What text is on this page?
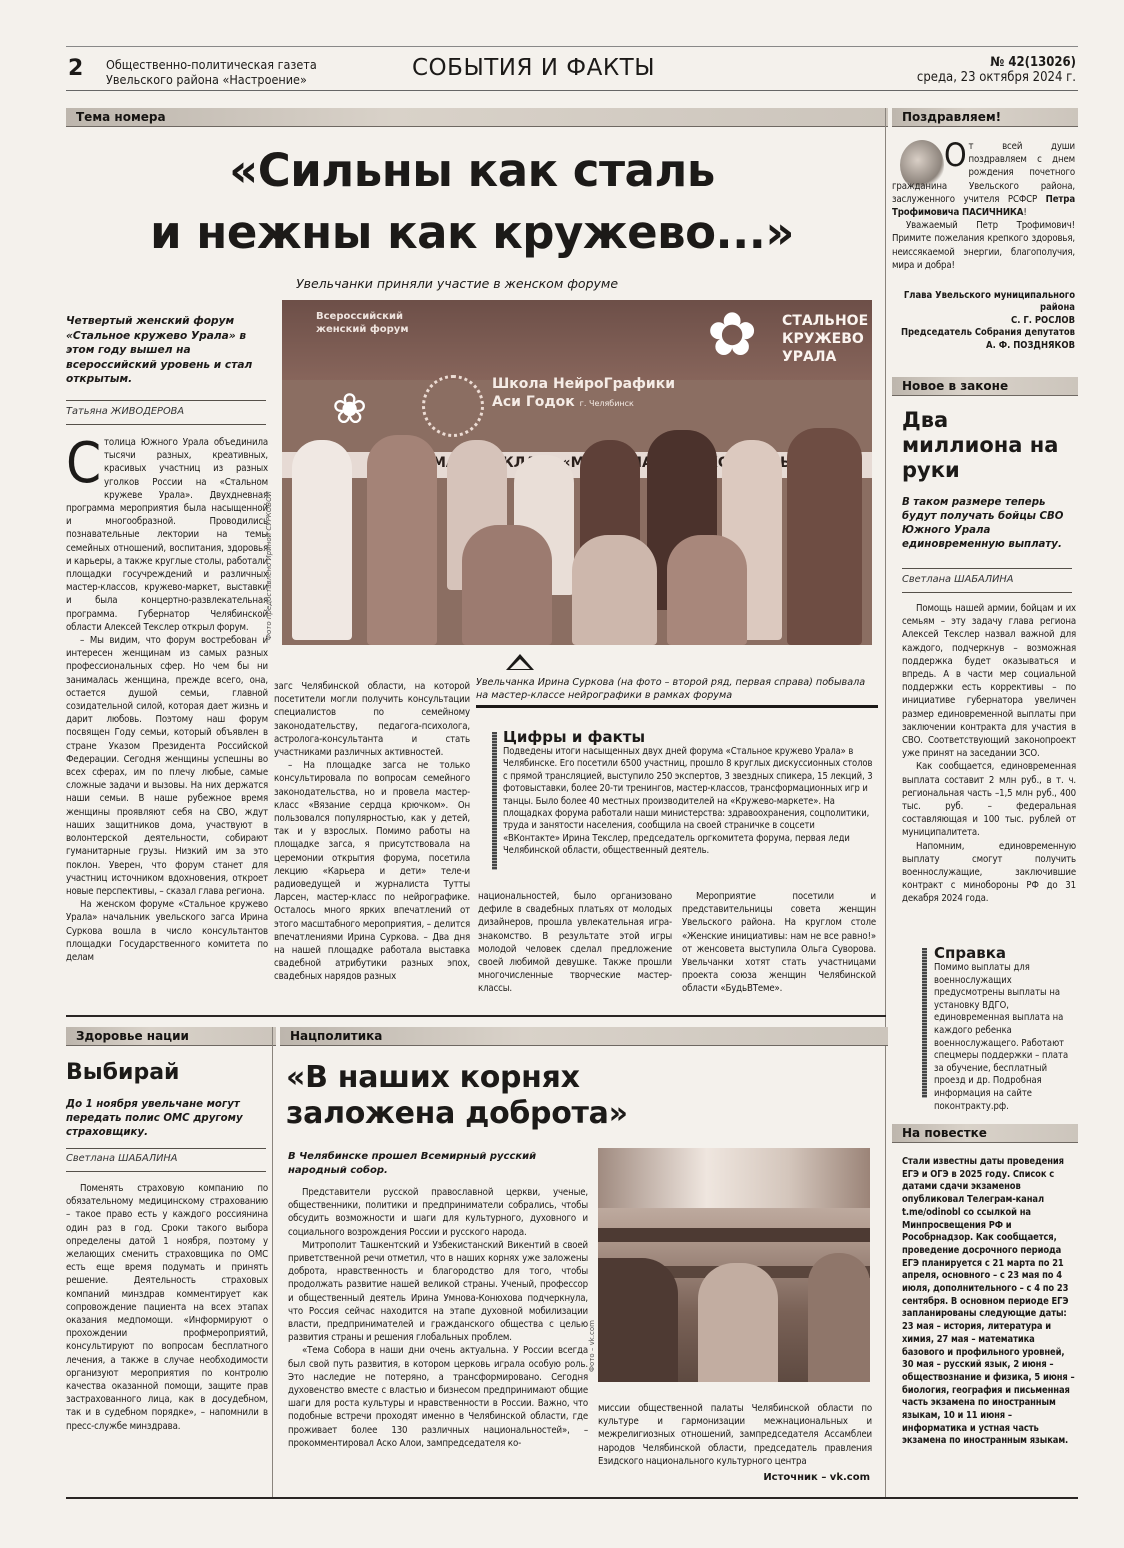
2 Общественно-политическая газета
Увельского района «Настроение»	СОБЫТИЯ И ФАКТЫ	№ 42(13026)
среда, 23 октября 2024 г.
Тема номера	Поздравляем!
«Сильны как сталь
и нежны как кружево...»
Увельчанки приняли участие в женском форуме
Четвертый женский форум «Стальное кружево Урала» в этом году вышел на всероссийский уровень и стал открытым.
Татьяна ЖИВОДЕРОВА
С толица Южного Урала объединила тысячи разных, креативных, красивых участниц из разных уголков России на «Стальном кружеве Урала». Двухдневная программа мероприятия была насыщенной и многообразной. Проводились познавательные лектории на темы семейных отношений, воспитания, здоровья и карьеры, а также круглые столы, работали площадки госучреждений и различных мастер-классов, кружево-маркет, выставки и была концертно-развлекательная программа. Губернатор Челябинской области Алексей Текслер открыл форум.

– Мы видим, что форум востребован и интересен женщинам из самых разных профессиональных сфер. Но чем бы ни занималась женщина, прежде всего, она, остается душой семьи, главной созидательной силой, которая дает жизнь и дарит любовь. Поэтому наш форум посвящен Году семьи, который объявлен в стране Указом Президента Российской Федерации. Сегодня женщины успешны во всех сферах, им по плечу любые, самые сложные задачи и вызовы. На них держатся наши семьи. В наше рубежное время женщины проявляют себя на СВО, ждут наших защитников дома, участвуют в волонтерской деятельности, собирают гуманитарные грузы. Низкий им за это поклон. Уверен, что форум станет для участниц источником вдохновения, откроет новые перспективы, – сказал глава региона.

На женском форуме «Стальное кружево Урала» начальник увельского загса Ирина Суркова вошла в число консультантов площадки Государственного комитета по делам

Всероссийский женский форум
Школа НейроГрафики
Аси Годок г. Челябинск
СТАЛЬНОЕ КРУЖЕВО УРАЛА
✿
❀
Фото предоставлено Ириной СУРКОВОЙ
Увельчанка Ирина Суркова (на фото – второй ряд, первая справа) побывала на мастер-классе нейрографики в рамках форума
загс Челябинской области, на которой посетители могли получить консультации специалистов по семейному законодательству, педагога-психолога, астролога-консультанта и стать участниками различных активностей.

– На площадке загса не только консультировала по вопросам семейного законодательства, но и провела мастер-класс «Вязание сердца крючком». Он пользовался популярностью, как у детей, так и у взрослых. Помимо работы на площадке загса, я присутствовала на церемонии открытия форума, посетила лекцию «Карьера и дети» теле-и радиоведущей и журналиста Тутты Ларсен, мастер-класс по нейрографике. Осталось много ярких впечатлений от этого масштабного мероприятия, – делится впечатлениями Ирина Суркова. – Два дня на нашей площадке работала выставка свадебной атрибутики разных эпох, свадебных нарядов разных

Цифры и факты
Подведены итоги насыщенных двух дней форума «Стальное кружево Урала» в Челябинске. Его посетили 6500 участниц, прошло 8 круглых дискуссионных столов с прямой трансляцией, выступило 250 экспертов, 3 звездных спикера, 15 лекций, 3 фотовыставки, более 20-ти тренингов, мастер-классов, трансформационных игр и танцы. Было более 40 местных производителей на «Кружево-маркете». На площадках форума работали наши министерства: здравоохранения, соцполитики, труда и занятости населения, сообщила на своей страничке в соцсети «ВКонтакте» Ирина Текслер, председатель оргкомитета форума, первая леди Челябинской области, общественный деятель.
национальностей, было организовано дефиле в свадебных платьях от молодых дизайнеров, прошла увлекательная игра-знакомство. В результате этой игры молодой человек сделал предложение своей любимой девушке. Также прошли многочисленные творческие мастер-классы.

Мероприятие посетили и представительницы совета женщин Увельского района. На круглом столе «Женские инициативы: нам не все равно!» от женсовета выступила Ольга Суворова. Увельчанки хотят стать участницами проекта союза женщин Челябинской области «БудьВТеме».

О т всей души поздравляем с днем рождения почетного гражданина Увельского района, заслуженного учителя РСФСР Петра Трофимовича ПАСИЧНИКА!

Уважаемый Петр Трофимович! Примите пожелания крепкого здоровья, неиссякаемой энергии, благополучия, мира и добра!

Глава Увельского муниципального района
С. Г. РОСЛОВ
Председатель Собрания депутатов А. Ф. ПОЗДНЯКОВ
Новое в законе
Два миллиона на руки
В таком размере теперь будут получать бойцы СВО Южного Урала единовременную выплату.
Светлана ШАБАЛИНА

Помощь нашей армии, бойцам и их семьям – эту задачу глава региона Алексей Текслер назвал важной для каждого, подчеркнув – возможная поддержка будет оказываться и впредь. А в части мер социальной поддержки есть коррективы – по инициативе губернатора увеличен размер единовременной выплаты при заключении контракта для участия в СВО. Соответствующий законопроект уже принят на заседании ЗСО.

Как сообщается, единовременная выплата составит 2 млн руб., в т. ч. региональная часть –1,5 млн руб., 400 тыс. руб. – федеральная составляющая и 100 тыс. рублей от муниципалитета.

Напомним, единовременную выплату смогут получить военнослужащие, заключившие контракт с минобороны РФ до 31 декабря 2024 года.

Справка
Помимо выплаты для военнослужащих предусмотрены выплаты на установку ВДГО, единовременная выплата на каждого ребенка военнослужащего. Работают спецмеры поддержки – плата за обучение, бесплатный проезд и др. Подробная информация на сайте поконтракту.рф.
На повестке
Стали известны даты проведения ЕГЭ и ОГЭ в 2025 году. Список с датами сдачи экзаменов опубликовал Телеграм-канал t.me/odinobl со ссылкой на Минпросвещения РФ и Рособрнадзор. Как сообщается, проведение досрочного периода ЕГЭ планируется с 21 марта по 21 апреля, основного – с 23 мая по 4 июля, дополнительного – с 4 по 23 сентября. В основном периоде ЕГЭ запланированы следующие даты: 23 мая – история, литература и химия, 27 мая – математика базового и профильного уровней, 30 мая – русский язык, 2 июня – обществознание и физика, 5 июня – биология, география и письменная часть экзамена по иностранным языкам, 10 и 11 июня – информатика и устная часть экзамена по иностранным языкам.
Здоровье нации
Выбирай
До 1 ноября увельчане могут передать полис ОМС другому страховщику.
Светлана ШАБАЛИНА

Поменять страховую компанию по обязательному медицинскому страхованию – такое право есть у каждого россиянина один раз в год. Сроки такого выбора определены датой 1 ноября, поэтому у желающих сменить страховщика по ОМС есть еще время подумать и принять решение. Деятельность страховых компаний минздрав комментирует как сопровождение пациента на всех этапах оказания медпомощи. «Информируют о прохождении профмероприятий, консультируют по вопросам бесплатного лечения, а также в случае необходимости организуют мероприятия по контролю качества оказанной помощи, защите прав застрахованного лица, как в досудебном, так и в судебном порядке», – напомнили в пресс-службе минздрава.

Нацполитика
«В наших корнях
заложена доброта»
В Челябинске прошел Всемирный русский народный собор.

Представители русской православной церкви, ученые, общественники, политики и предприниматели собрались, чтобы обсудить возможности и шаги для культурного, духовного и социального возрождения России и русского народа.

Митрополит Ташкентский и Узбекистанский Викентий в своей приветственной речи отметил, что в наших корнях уже заложены доброта, нравственность и благородство для того, чтобы продолжать развитие нашей великой страны. Ученый, профессор и общественный деятель Ирина Умнова-Конюхова подчеркнула, что Россия сейчас находится на этапе духовной мобилизации власти, предпринимателей и гражданского общества с целью развития страны и решения глобальных проблем.

«Тема Собора в наши дни очень актуальна. У России всегда был свой путь развития, в котором церковь играла особую роль. Это наследие не потеряно, а трансформировано. Сегодня духовенство вместе с властью и бизнесом предпринимают общие шаги для роста культуры и нравственности в России. Важно, что подобные встречи проходят именно в Челябинской области, где проживает более 130 различных национальностей», – прокомментировал Аско Алои, зампредседателя ко-

Фото – vk.com
миссии общественной палаты Челябинской области по культуре и гармонизации межнациональных и межрелигиозных отношений, зампредседателя Ассамблеи народов Челябинской области, председатель правления Езидского национального культурного центра
Источник – vk.com
